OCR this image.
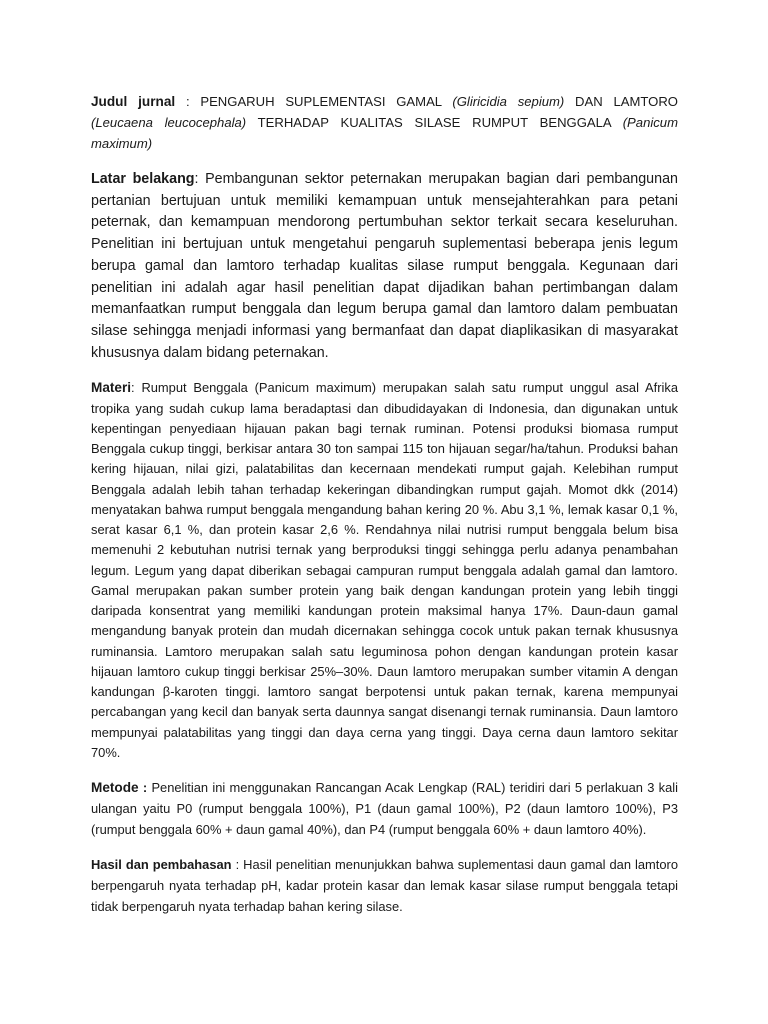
Judul jurnal : PENGARUH SUPLEMENTASI GAMAL (Gliricidia sepium) DAN LAMTORO (Leucaena leucocephala) TERHADAP KUALITAS SILASE RUMPUT BENGGALA (Panicum maximum)

Latar belakang: Pembangunan sektor peternakan merupakan bagian dari pembangunan pertanian bertujuan untuk memiliki kemampuan untuk mensejahterahkan para petani peternak, dan kemampuan mendorong pertumbuhan sektor terkait secara keseluruhan. Penelitian ini bertujuan untuk mengetahui pengaruh suplementasi beberapa jenis legum berupa gamal dan lamtoro terhadap kualitas silase rumput benggala. Kegunaan dari penelitian ini adalah agar hasil penelitian dapat dijadikan bahan pertimbangan dalam memanfaatkan rumput benggala dan legum berupa gamal dan lamtoro dalam pembuatan silase sehingga menjadi informasi yang bermanfaat dan dapat diaplikasikan di masyarakat khususnya dalam bidang peternakan.

Materi: Rumput Benggala (Panicum maximum) merupakan salah satu rumput unggul asal Afrika tropika yang sudah cukup lama beradaptasi dan dibudidayakan di Indonesia, dan digunakan untuk kepentingan penyediaan hijauan pakan bagi ternak ruminan. Potensi produksi biomasa rumput Benggala cukup tinggi, berkisar antara 30 ton sampai 115 ton hijauan segar/ha/tahun. Produksi bahan kering hijauan, nilai gizi, palatabilitas dan kecernaan mendekati rumput gajah. Kelebihan rumput Benggala adalah lebih tahan terhadap kekeringan dibandingkan rumput gajah. Momot dkk (2014) menyatakan bahwa rumput benggala mengandung bahan kering 20 %. Abu 3,1 %, lemak kasar 0,1 %, serat kasar 6,1 %, dan protein kasar 2,6 %. Rendahnya nilai nutrisi rumput benggala belum bisa memenuhi 2 kebutuhan nutrisi ternak yang berproduksi tinggi sehingga perlu adanya penambahan legum. Legum yang dapat diberikan sebagai campuran rumput benggala adalah gamal dan lamtoro. Gamal merupakan pakan sumber protein yang baik dengan kandungan protein yang lebih tinggi daripada konsentrat yang memiliki kandungan protein maksimal hanya 17%. Daun-daun gamal mengandung banyak protein dan mudah dicernakan sehingga cocok untuk pakan ternak khususnya ruminansia. Lamtoro merupakan salah satu leguminosa pohon dengan kandungan protein kasar hijauan lamtoro cukup tinggi berkisar 25%–30%. Daun lamtoro merupakan sumber vitamin A dengan kandungan β-karoten tinggi. lamtoro sangat berpotensi untuk pakan ternak, karena mempunyai percabangan yang kecil dan banyak serta daunnya sangat disenangi ternak ruminansia. Daun lamtoro mempunyai palatabilitas yang tinggi dan daya cerna yang tinggi. Daya cerna daun lamtoro sekitar 70%.

Metode : Penelitian ini menggunakan Rancangan Acak Lengkap (RAL) teridiri dari 5 perlakuan 3 kali ulangan yaitu P0 (rumput benggala 100%), P1 (daun gamal 100%), P2 (daun lamtoro 100%), P3 (rumput benggala 60% + daun gamal 40%), dan P4 (rumput benggala 60% + daun lamtoro 40%).

Hasil dan pembahasan : Hasil penelitian menunjukkan bahwa suplementasi daun gamal dan lamtoro berpengaruh nyata terhadap pH, kadar protein kasar dan lemak kasar silase rumput benggala tetapi tidak berpengaruh nyata terhadap bahan kering silase.
